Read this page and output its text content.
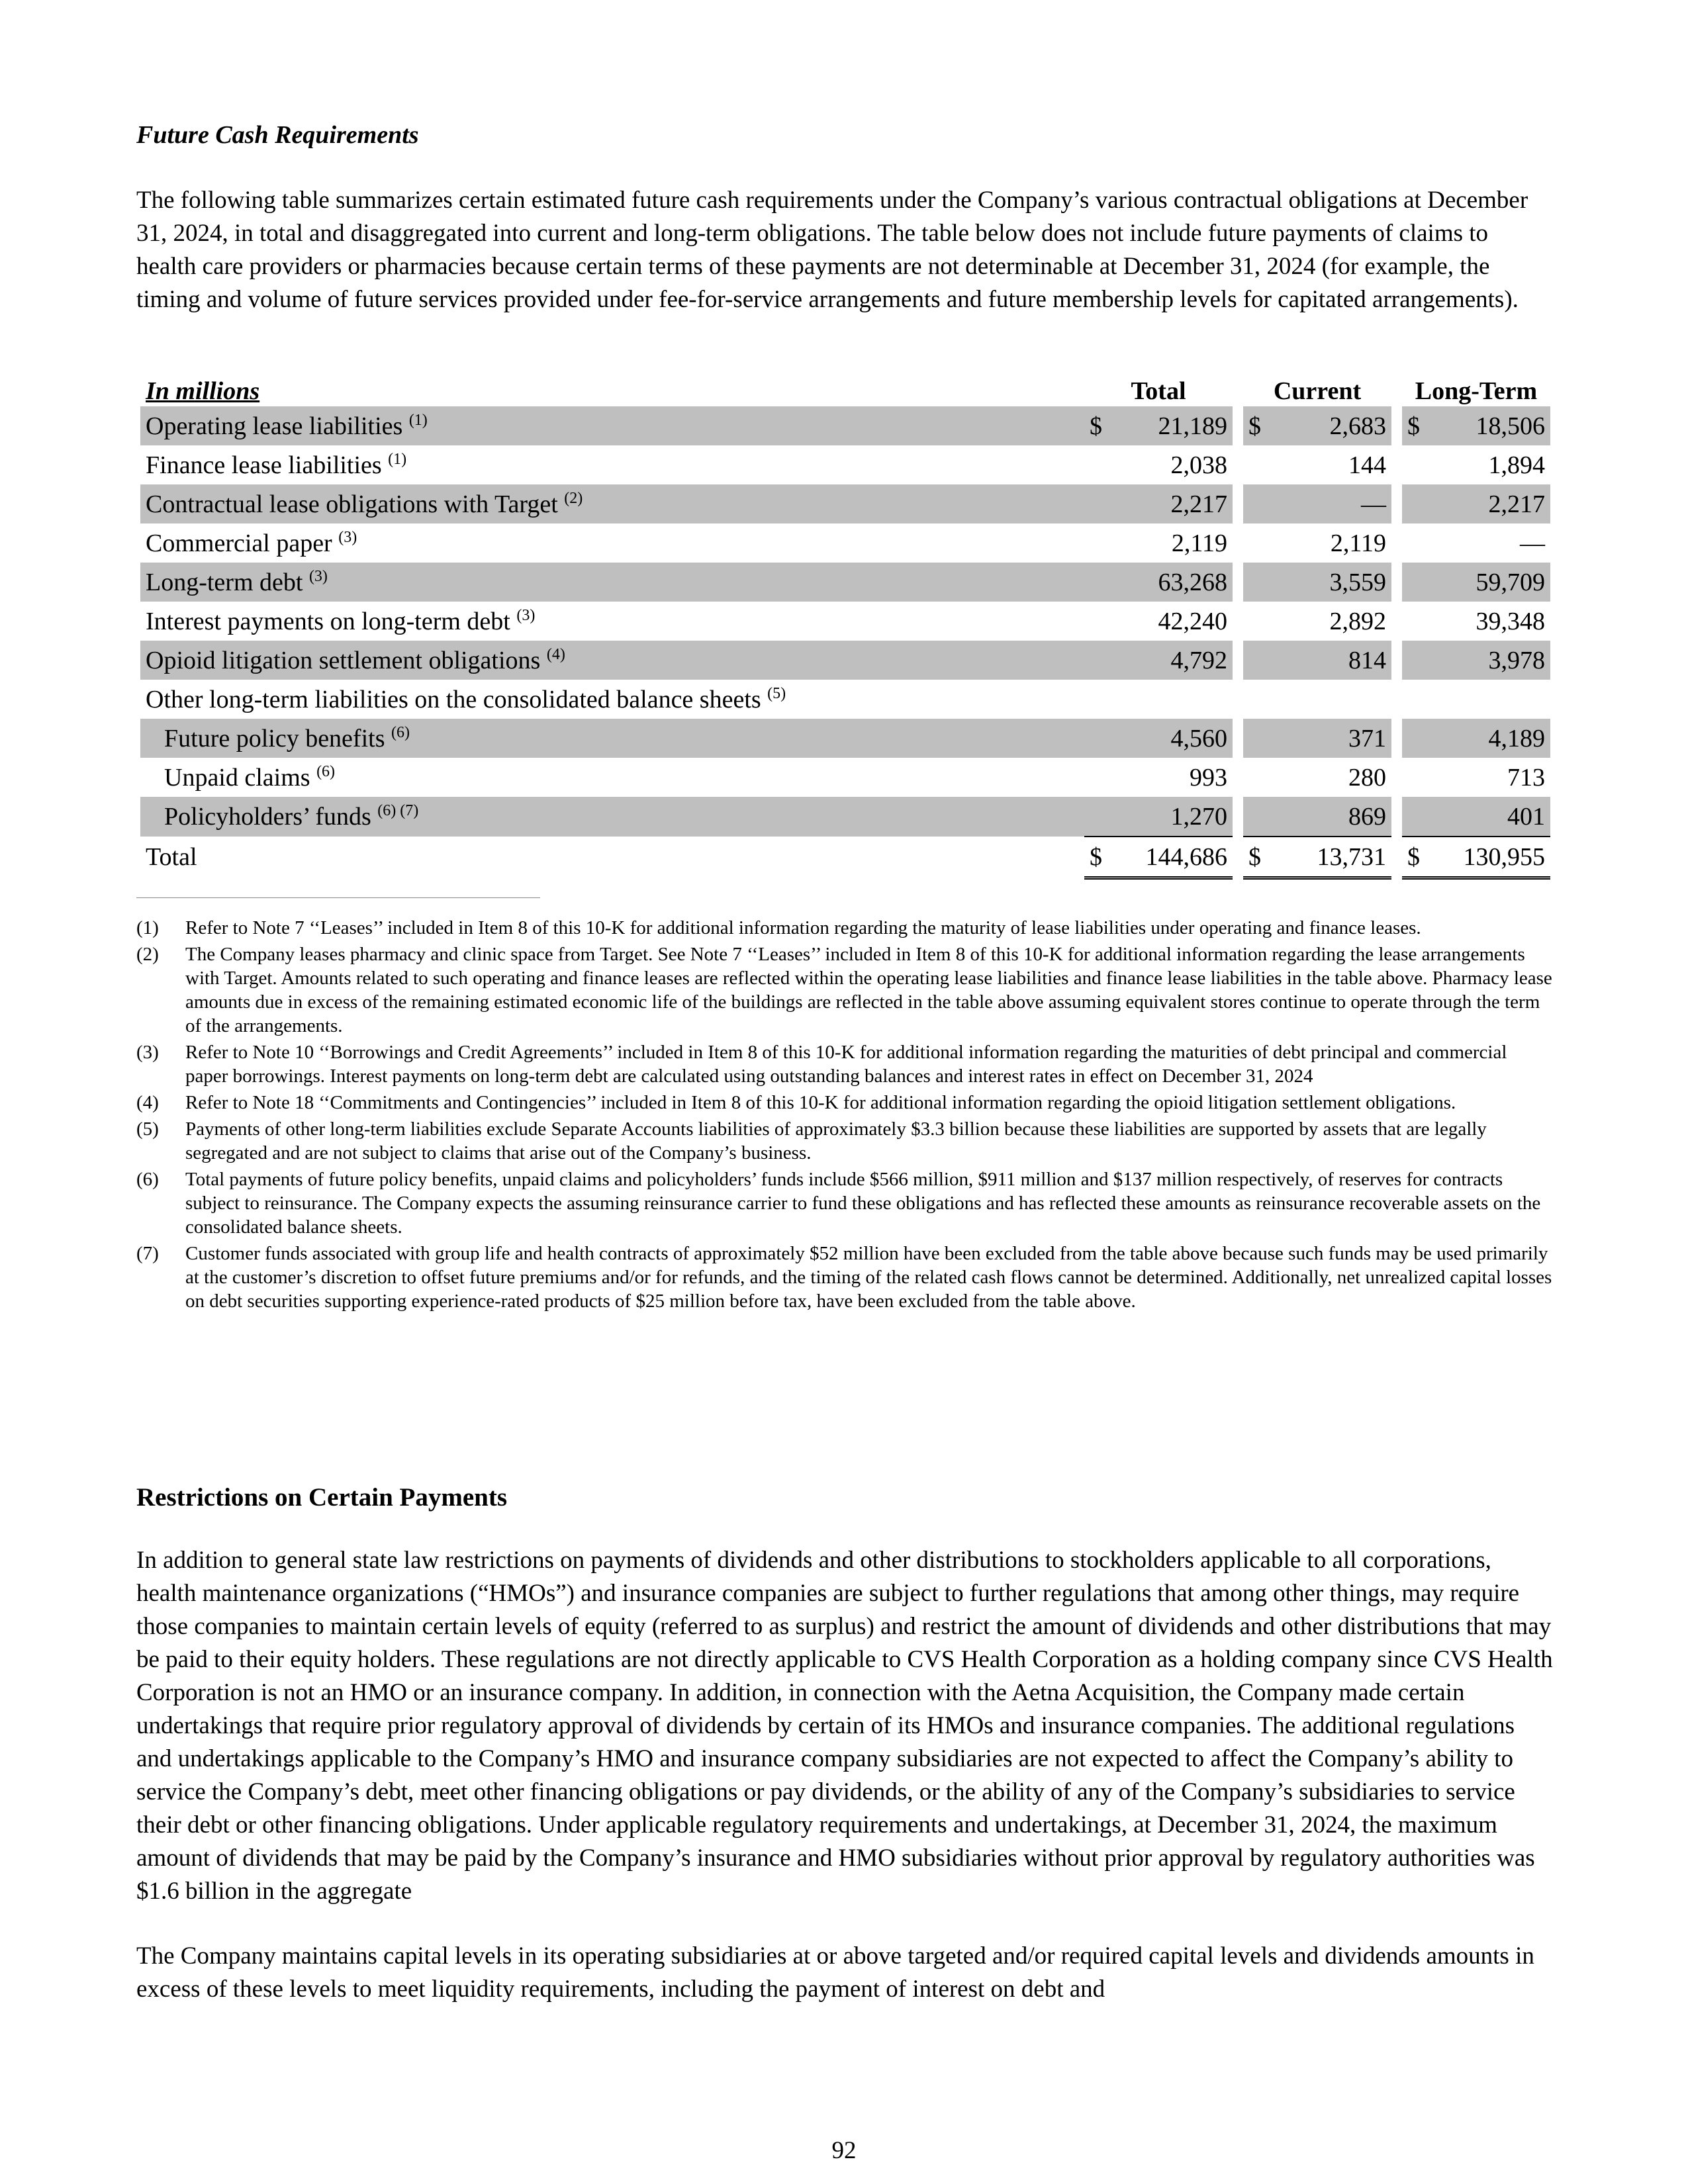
Future Cash Requirements

The following table summarizes certain estimated future cash requirements under the Company’s various contractual obligations at December 31, 2024, in total and disaggregated into current and long-term obligations. The table below does not include future payments of claims to health care providers or pharmacies because certain terms of these payments are not determinable at December 31, 2024 (for example, the timing and volume of future services provided under fee-for-service arrangements and future membership levels for capitated arrangements).

In millions	Total			Current			Long-Term	
Operating lease liabilities $^{(1)}$	$	21,189		$	2,683		$	18,506
Finance lease liabilities $^{(1)}$		2,038			144			1,894
Contractual lease obligations with Target $^{(2)}$		2,217			—			2,217
Commercial paper $^{(3)}$		2,119			2,119			—
Long-term debt $^{(3)}$		63,268			3,559			59,709
Interest payments on long-term debt $^{(3)}$		42,240			2,892			39,348
Opioid litigation settlement obligations $^{(4)}$		4,792			814			3,978
Other long-term liabilities on the consolidated balance sheets $^{(5)}$								
Future policy benefits $^{(6)}$		4,560			371			4,189
Unpaid claims $^{(6)}$		993			280			713
Policyholders’ funds $^{(6) (7)}$		1,270			869			401
Total	$	144,686		$	13,731		$	130,955
(1)	Refer to Note 7 ‘‘Leases’’ included in Item 8 of this 10-K for additional information regarding the maturity of lease liabilities under operating and finance leases.
(2)	The Company leases pharmacy and clinic space from Target. See Note 7 ‘‘Leases’’ included in Item 8 of this 10-K for additional information regarding the lease arrangements with Target. Amounts related to such operating and finance leases are reflected within the operating lease liabilities and finance lease liabilities in the table above. Pharmacy lease amounts due in excess of the remaining estimated economic life of the buildings are reflected in the table above assuming equivalent stores continue to operate through the term of the arrangements.
(3)	Refer to Note 10 ‘‘Borrowings and Credit Agreements’’ included in Item 8 of this 10-K for additional information regarding the maturities of debt principal and commercial paper borrowings. Interest payments on long-term debt are calculated using outstanding balances and interest rates in effect on December 31, 2024
(4)	Refer to Note 18 ‘‘Commitments and Contingencies’’ included in Item 8 of this 10-K for additional information regarding the opioid litigation settlement obligations.
(5)	Payments of other long-term liabilities exclude Separate Accounts liabilities of approximately $3.3 billion because these liabilities are supported by assets that are legally segregated and are not subject to claims that arise out of the Company’s business.
(6)	Total payments of future policy benefits, unpaid claims and policyholders’ funds include $566 million, $911 million and $137 million respectively, of reserves for contracts subject to reinsurance. The Company expects the assuming reinsurance carrier to fund these obligations and has reflected these amounts as reinsurance recoverable assets on the consolidated balance sheets.
(7)	Customer funds associated with group life and health contracts of approximately $52 million have been excluded from the table above because such funds may be used primarily at the customer’s discretion to offset future premiums and/or for refunds, and the timing of the related cash flows cannot be determined. Additionally, net unrealized capital losses on debt securities supporting experience-rated products of $25 million before tax, have been excluded from the table above.
Restrictions on Certain Payments

In addition to general state law restrictions on payments of dividends and other distributions to stockholders applicable to all corporations, health maintenance organizations (“HMOs”) and insurance companies are subject to further regulations that among other things, may require those companies to maintain certain levels of equity (referred to as surplus) and restrict the amount of dividends and other distributions that may be paid to their equity holders. These regulations are not directly applicable to CVS Health Corporation as a holding company since CVS Health Corporation is not an HMO or an insurance company. In addition, in connection with the Aetna Acquisition, the Company made certain undertakings that require prior regulatory approval of dividends by certain of its HMOs and insurance companies. The additional regulations and undertakings applicable to the Company’s HMO and insurance company subsidiaries are not expected to affect the Company’s ability to service the Company’s debt, meet other financing obligations or pay dividends, or the ability of any of the Company’s subsidiaries to service their debt or other financing obligations. Under applicable regulatory requirements and undertakings, at December 31, 2024, the maximum amount of dividends that may be paid by the Company’s insurance and HMO subsidiaries without prior approval by regulatory authorities was $1.6 billion in the aggregate

The Company maintains capital levels in its operating subsidiaries at or above targeted and/or required capital levels and dividends amounts in excess of these levels to meet liquidity requirements, including the payment of interest on debt and

92
